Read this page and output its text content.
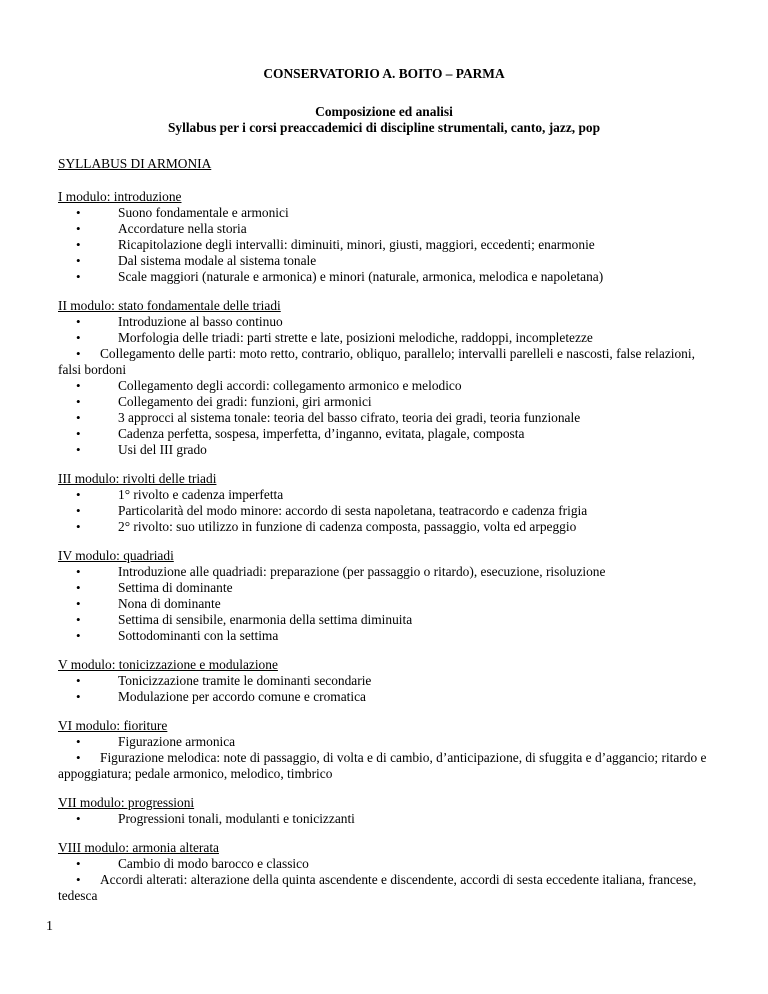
CONSERVATORIO A. BOITO – PARMA
Composizione ed analisi
Syllabus per i corsi preaccademici di discipline strumentali, canto, jazz, pop
SYLLABUS DI ARMONIA
I modulo: introduzione
•	Suono fondamentale e armonici
•	Accordature nella storia
•	Ricapitolazione degli intervalli: diminuiti, minori, giusti, maggiori, eccedenti; enarmonie
•	Dal sistema modale al sistema tonale
•	Scale maggiori (naturale e armonica) e minori (naturale, armonica, melodica e napoletana)
II modulo: stato fondamentale delle triadi
•	Introduzione al basso continuo
•	Morfologia delle triadi: parti strette e late, posizioni melodiche, raddoppi, incompletezze
• Collegamento delle parti: moto retto, contrario, obliquo, parallelo; intervalli parelleli e nascosti, false relazioni, falsi bordoni
•	Collegamento degli accordi: collegamento armonico e melodico
•	Collegamento dei gradi: funzioni, giri armonici
•	3 approcci al sistema tonale: teoria del basso cifrato, teoria dei gradi, teoria funzionale
•	Cadenza perfetta, sospesa, imperfetta, d’inganno, evitata, plagale, composta
•	Usi del III grado
III modulo: rivolti delle triadi
•	1° rivolto e cadenza imperfetta
•	Particolarità del modo minore: accordo di sesta napoletana, teatracordo e cadenza frigia
•	2° rivolto: suo utilizzo in funzione di cadenza composta, passaggio, volta ed arpeggio
IV modulo: quadriadi
•	Introduzione alle quadriadi: preparazione (per passaggio o ritardo), esecuzione, risoluzione
•	Settima di dominante
•	Nona di dominante
•	Settima di sensibile, enarmonia della settima diminuita
•	Sottodominanti con la settima
V modulo: tonicizzazione e modulazione
•	Tonicizzazione tramite le dominanti secondarie
•	Modulazione per accordo comune e cromatica
VI modulo: fioriture
•	Figurazione armonica
• Figurazione melodica: note di passaggio, di volta e di cambio, d’anticipazione, di sfuggita e d’aggancio; ritardo e appoggiatura; pedale armonico, melodico, timbrico
VII modulo: progressioni
•	Progressioni tonali, modulanti e tonicizzanti
VIII modulo: armonia alterata
•	Cambio di modo barocco e classico
• Accordi alterati: alterazione della quinta ascendente e discendente, accordi di sesta eccedente italiana, francese, tedesca
1
